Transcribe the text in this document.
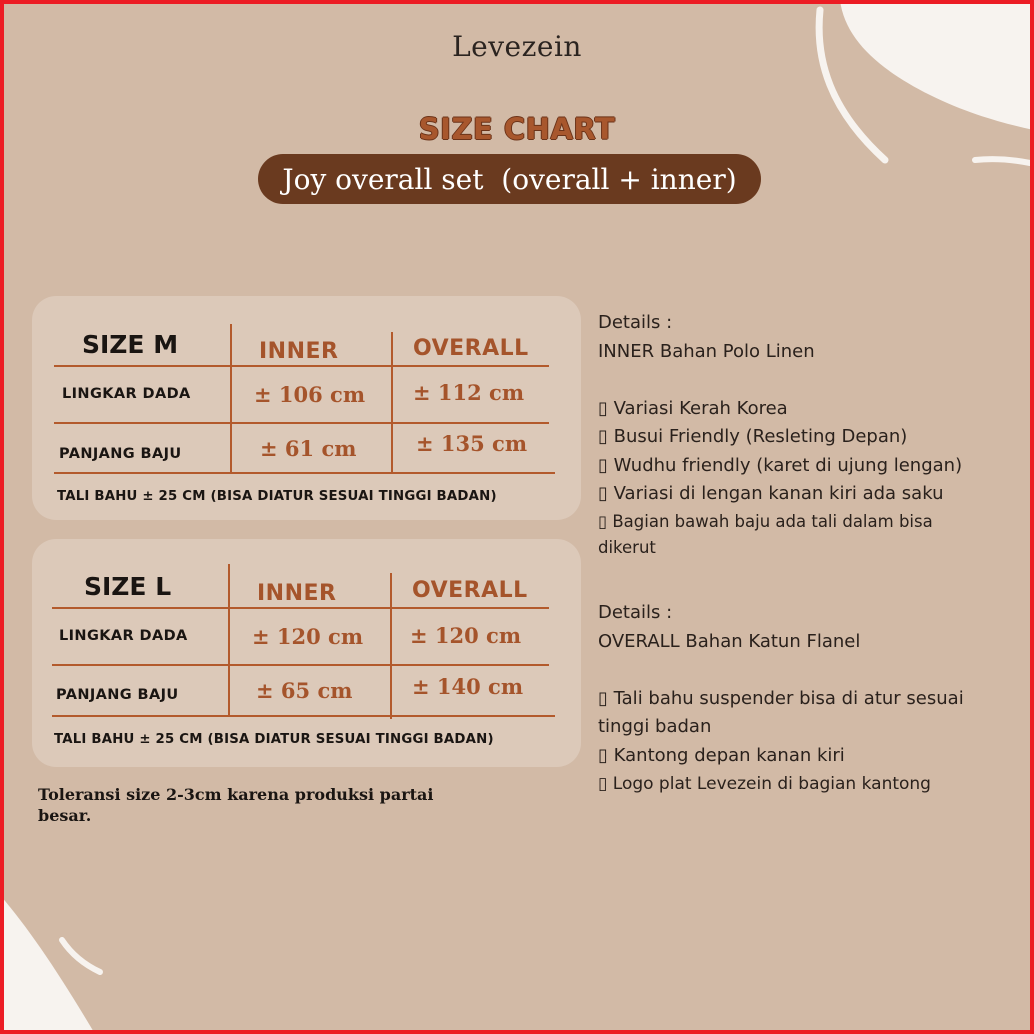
Levezein
SIZE CHART
Joy overall set  (overall + inner)
SIZE M	INNER	OVERALL
LINGKAR DADA	± 106 cm ± 112 cm
PANJANG BAJU	± 61 cm	± 135 cm
TALI BAHU ± 25 CM (BISA DIATUR SESUAI TINGGI BADAN)
SIZE L	INNER	OVERALL
LINGKAR DADA	± 120 cm ± 120 cm
PANJANG BAJU	± 65 cm	± 140 cm
TALI BAHU ± 25 CM (BISA DIATUR SESUAI TINGGI BADAN)
Toleransi size 2-3cm karena produksi partai besar.
Details :
INNER Bahan Polo Linen
▯ Variasi Kerah Korea
▯ Busui Friendly (Resleting Depan)
▯ Wudhu friendly (karet di ujung lengan)
▯ Variasi di lengan kanan kiri ada saku
▯ Bagian bawah baju ada tali dalam bisa dikerut
Details :
OVERALL Bahan Katun Flanel
▯ Tali bahu suspender bisa di atur sesuai tinggi badan
▯ Kantong depan kanan kiri
▯ Logo plat Levezein di bagian kantong
